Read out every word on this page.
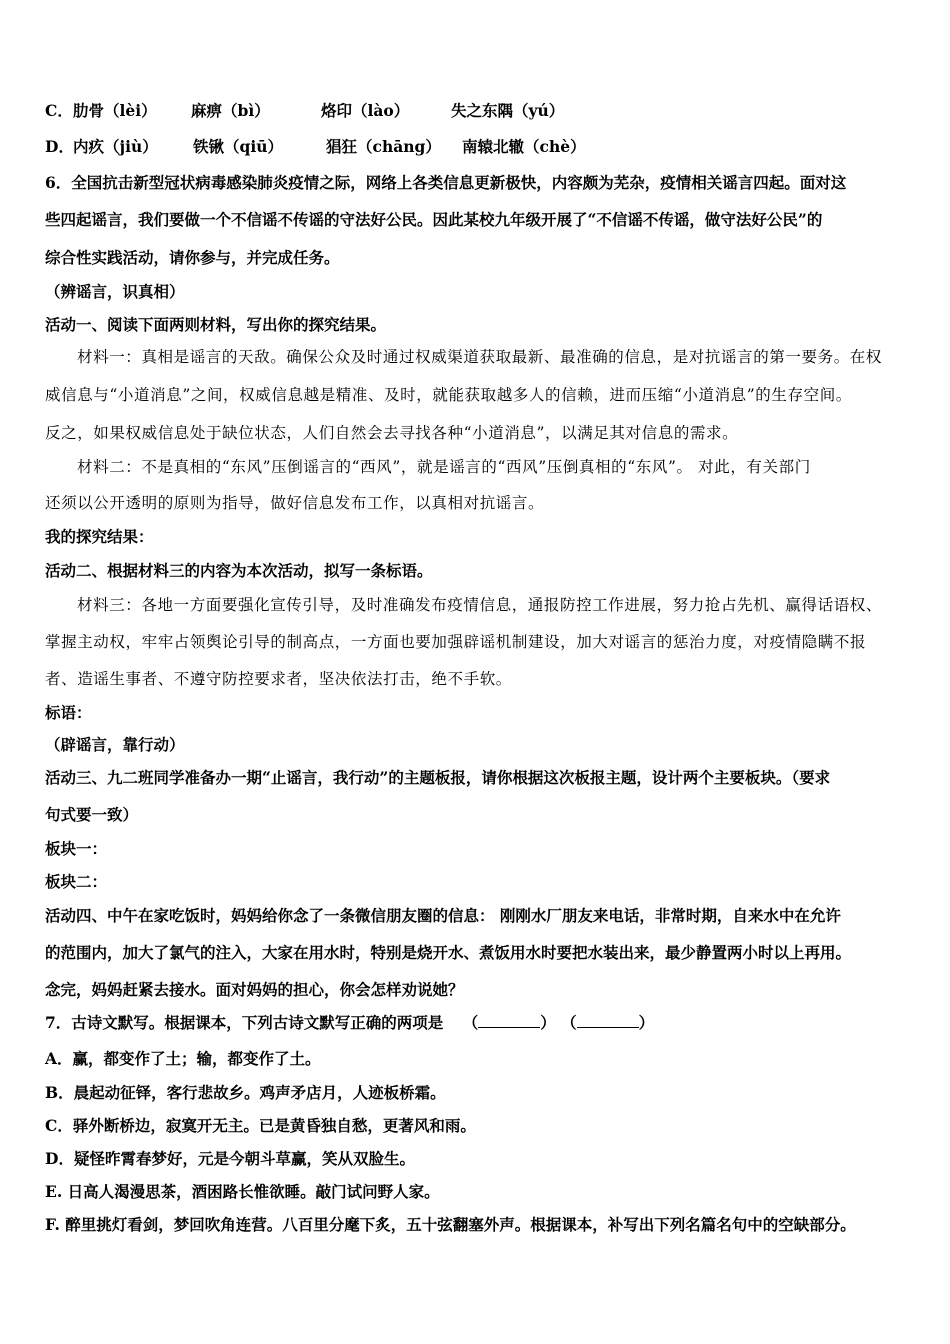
C．肋骨（lèi） 麻痹（bì）	烙印（lào）	失之东隅（yú）
D．内疚（jiù） 铁锹（qiū）	猖狂（chāng） 南辕北辙（chè）
6．全国抗击新型冠状病毒感染肺炎疫情之际，网络上各类信息更新极快，内容颇为芜杂，疫情相关谣言四起。面对这
些四起谣言，我们要做一个不信谣不传谣的守法好公民。因此某校九年级开展了“不信谣不传谣，做守法好公民”的
综合性实践活动，请你参与，并完成任务。
（辨谣言，识真相）
活动一、阅读下面两则材料，写出你的探究结果。
材料一：真相是谣言的天敌。确保公众及时通过权威渠道获取最新、最准确的信息，是对抗谣言的第一要务。在权
威信息与“小道消息”之间，权威信息越是精准、及时，就能获取越多人的信赖，进而压缩“小道消息”的生存空间。
反之，如果权威信息处于缺位状态，人们自然会去寻找各种“小道消息”，以满足其对信息的需求。
材料二：不是真相的“东风”压倒谣言的“西风”，就是谣言的“西风”压倒真相的“东风”。 对此，有关部门
还须以公开透明的原则为指导，做好信息发布工作，以真相对抗谣言。
我的探究结果：
活动二、根据材料三的内容为本次活动，拟写一条标语。
材料三：各地一方面要强化宣传引导，及时准确发布疫情信息，通报防控工作进展，努力抢占先机、赢得话语权、
掌握主动权，牢牢占领舆论引导的制高点，一方面也要加强辟谣机制建设，加大对谣言的惩治力度，对疫情隐瞒不报
者、造谣生事者、不遵守防控要求者，坚决依法打击，绝不手软。
标语：
（辟谣言，靠行动）
活动三、九二班同学准备办一期“止谣言，我行动”的主题板报，请你根据这次板报主题，设计两个主要板块。（要求
句式要一致）
板块一：
板块二：
活动四、中午在家吃饭时，妈妈给你念了一条微信朋友圈的信息： 刚刚水厂朋友来电话，非常时期，自来水中在允许
的范围内，加大了氯气的注入，大家在用水时，特别是烧开水、煮饭用水时要把水装出来，最少静置两小时以上再用。
念完，妈妈赶紧去接水。面对妈妈的担心，你会怎样劝说她？
7．古诗文默写。根据课本，下列古诗文默写正确的两项是 （	） （	）
A．赢，都变作了土；输，都变作了土。
B．晨起动征铎，客行悲故乡。鸡声矛店月，人迹板桥霜。
C．驿外断桥边，寂寞开无主。已是黄昏独自愁，更著风和雨。
D．疑怪昨霄春梦好，元是今朝斗草赢，笑从双脸生。
E. 日高人渴漫思茶，酒困路长惟欲睡。敲门试问野人家。
F. 醉里挑灯看剑，梦回吹角连营。八百里分麾下炙，五十弦翻塞外声。根据课本，补写出下列名篇名句中的空缺部分。
